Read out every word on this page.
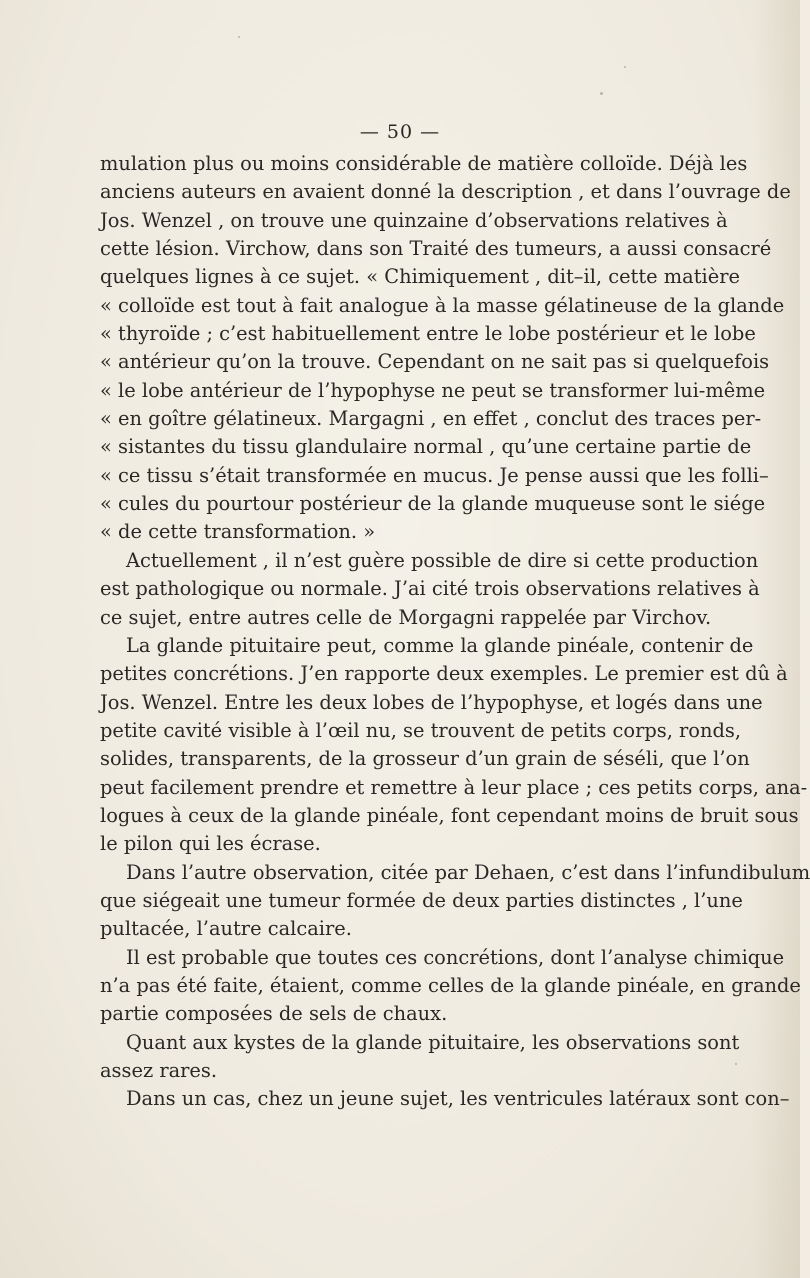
— 50 —
mulation plus ou moins considérable de matière colloïde. Déjà les
anciens auteurs en avaient donné la description , et dans l’ouvrage de
Jos. Wenzel , on trouve une quinzaine d’observations relatives à
cette lésion. Virchow, dans son Traité des tumeurs, a aussi consacré
quelques lignes à ce sujet. « Chimiquement , dit–il, cette matière
« colloïde est tout à fait analogue à la masse gélatineuse de la glande
« thyroïde ; c’est habituellement entre le lobe postérieur et le lobe
« antérieur qu’on la trouve. Cependant on ne sait pas si quelquefois
« le lobe antérieur de l’hypophyse ne peut se transformer lui-même
« en goître gélatineux. Margagni , en effet , conclut des traces per-
« sistantes du tissu glandulaire normal , qu’une certaine partie de
« ce tissu s’était transformée en mucus. Je pense aussi que les folli–
« cules du pourtour postérieur de la glande muqueuse sont le siége
« de cette transformation. »
Actuellement , il n’est guère possible de dire si cette production
est pathologique ou normale. J’ai cité trois observations relatives à
ce sujet, entre autres celle de Morgagni rappelée par Virchov.
La glande pituitaire peut, comme la glande pinéale, contenir de
petites concrétions. J’en rapporte deux exemples. Le premier est dû à
Jos. Wenzel. Entre les deux lobes de l’hypophyse, et logés dans une
petite cavité visible à l’œil nu, se trouvent de petits corps, ronds,
solides, transparents, de la grosseur d’un grain de séséli, que l’on
peut facilement prendre et remettre à leur place ; ces petits corps, ana-
logues à ceux de la glande pinéale, font cependant moins de bruit sous
le pilon qui les écrase.
Dans l’autre observation, citée par Dehaen, c’est dans l’infundibulum
que siégeait une tumeur formée de deux parties distinctes , l’une
pultacée, l’autre calcaire.
Il est probable que toutes ces concrétions, dont l’analyse chimique
n’a pas été faite, étaient, comme celles de la glande pinéale, en grande
partie composées de sels de chaux.
Quant aux kystes de la glande pituitaire, les observations sont
assez rares.
Dans un cas, chez un jeune sujet, les ventricules latéraux sont con–
